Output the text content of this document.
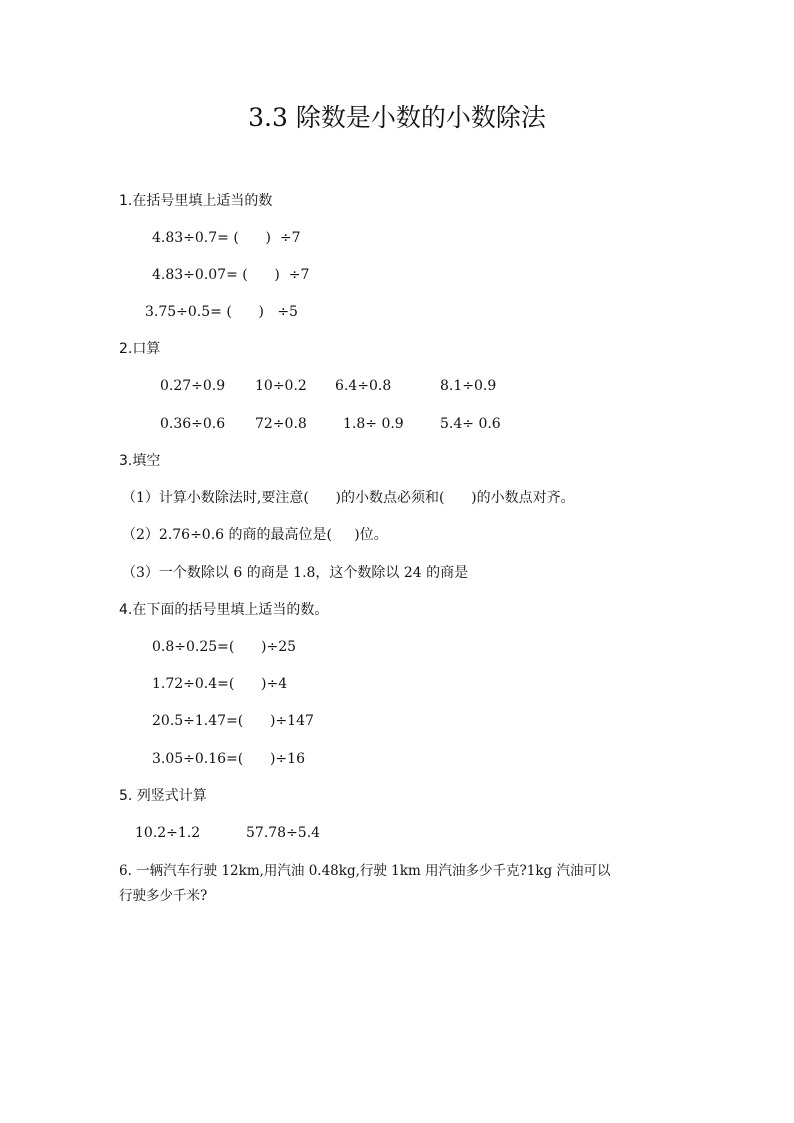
3.3 除数是小数的小数除法
1.在括号里填上适当的数
4.83÷0.7= (      )  ÷7
4.83÷0.07= (      )  ÷7
3.75÷0.5= (      )   ÷5
2.口算
0.27÷0.9 10÷0.2 6.4÷0.8	8.1÷0.9
0.36÷0.6 72÷0.8	1.8÷ 0.9	5.4÷ 0.6
3.填空
（1）计算小数除法时,要注意(      )的小数点必须和(      )的小数点对齐。
（2）2.76÷0.6 的商的最高位是(     )位。
（3）一个数除以 6 的商是 1.8，这个数除以 24 的商是
4.在下面的括号里填上适当的数。
0.8÷0.25=(      )÷25
1.72÷0.4=(      )÷4
20.5÷1.47=(      )÷147
3.05÷0.16=(      )÷16
5. 列竖式计算
10.2÷1.2	57.78÷5.4
6. 一辆汽车行驶 12km,用汽油 0.48kg,行驶 1km 用汽油多少千克?1kg 汽油可以
行驶多少千米?
